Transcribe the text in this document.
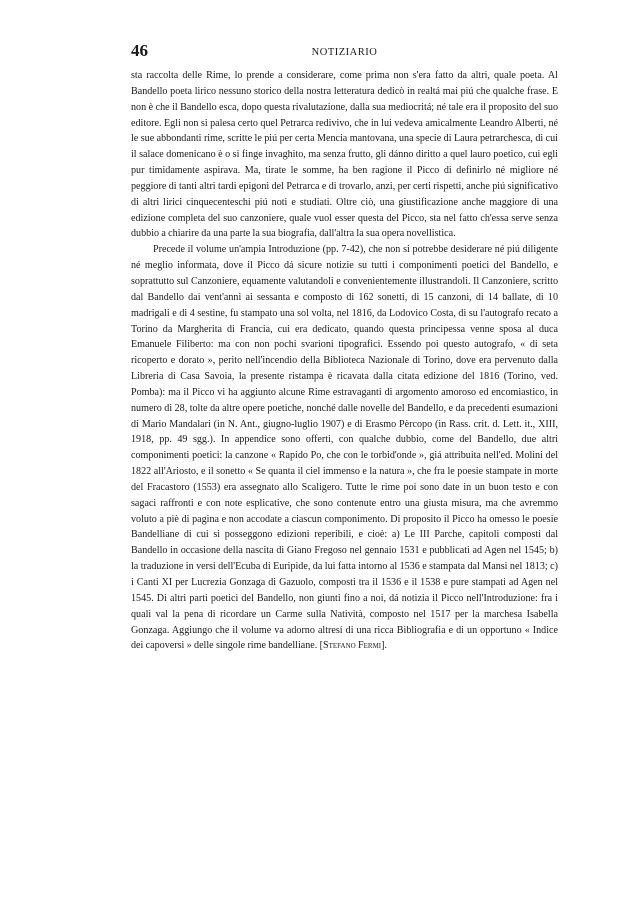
46	NOTIZIARIO

sta raccolta delle Rime, lo prende a considerare, come prima non s'era fatto da altri, quale poeta. Al Bandello poeta lirico nessuno storico della nostra letteratura dedicò in realtá mai piú che qualche frase. E non è che il Bandello esca, dopo questa rivalutazione, dalla sua mediocritá; né tale era il proposito del suo editore. Egli non si palesa certo quel Petrarca redivivo, che in lui vedeva amicalmente Leandro Alberti, né le sue abbondanti rime, scritte le piú per certa Mencia mantovana, una specie di Laura petrarchesca, di cui il salace domenicano è o si finge invaghito, ma senza frutto, gli dánno diritto a quel lauro poetico, cui egli pur timidamente aspirava. Ma, tirate le somme, ha ben ragione il Picco di definirlo né migliore né peggiore di tanti altri tardi epigoni del Petrarca e di trovarlo, anzi, per certi rispetti, anche piú significativo di altri lirici cinquecenteschi piú noti e studiati. Oltre ciò, una giustificazione anche maggiore di una edizione completa del suo canzoniere, quale vuol esser questa del Picco, sta nel fatto ch'essa serve senza dubbio a chiarire da una parte la sua biografia, dall'altra la sua opera novellistica.

Precede il volume un'ampia Introduzione (pp. 7-42), che non si potrebbe desiderare né piú diligente né meglio informata, dove il Picco dá sicure notizie su tutti i componimenti poetici del Bandello, e soprattutto sul Canzoniere, equamente valutandoli e convenientemente illustrandoli. Il Canzoniere, scritto dal Bandello dai vent'anni ai sessanta e composto di 162 sonetti, di 15 canzoni, di 14 ballate, di 10 madrigali e di 4 sestine, fu stampato una sol volta, nel 1816, da Lodovico Costa, di su l'autografo recato a Torino da Margherita di Francia, cui era dedicato, quando questa principessa venne sposa al duca Emanuele Filiberto: ma con non pochi svarioni tipografici. Essendo poi questo autografo, « di seta ricoperto e dorato », perito nell'incendio della Biblioteca Nazionale di Torino, dove era pervenuto dalla Libreria di Casa Savoia, la presente ristampa è ricavata dalla citata edizione del 1816 (Torino, ved. Pomba): ma il Picco vi ha aggiunto alcune Rime estravaganti di argomento amoroso ed encomiastico, in numero di 28, tolte da altre opere poetiche, nonché dalle novelle del Bandello, e da precedenti esumazioni di Mario Mandalari (in N. Ant., giugno-luglio 1907) e di Erasmo Pèrcopo (in Rass. crit. d. Lett. it., XIII, 1918, pp. 49 sgg.). In appendice sono offerti, con qualche dubbio, come del Bandello, due altri componimenti poetici: la canzone « Rapido Po, che con le torbid'onde », giá attribuita nell'ed. Molini del 1822 all'Ariosto, e il sonetto « Se quanta il ciel immenso e la natura », che fra le poesie stampate in morte del Fracastoro (1553) era assegnato allo Scaligero. Tutte le rime poi sono date in un buon testo e con sagaci raffronti e con note esplicative, che sono contenute entro una giusta misura, ma che avremmo voluto a piè di pagina e non accodate a ciascun componimento. Di proposito il Picco ha omesso le poesie Bandelliane di cui si posseggono edizioni reperibili, e cioè: a) Le III Parche, capitoli composti dal Bandello in occasione della nascita di Giano Fregoso nel gennaio 1531 e pubblicati ad Agen nel 1545; b) la traduzione in versi dell'Ecuba di Euripide, da lui fatta intorno al 1536 e stampata dal Mansi nel 1813; c) i Canti XI per Lucrezia Gonzaga di Gazuolo, composti tra il 1536 e il 1538 e pure stampati ad Agen nel 1545. Di altri parti poetici del Bandello, non giunti fino a noi, dá notizia il Picco nell'Introduzione: fra i quali val la pena di ricordare un Carme sulla Natività, composto nel 1517 per la marchesa Isabella Gonzaga. Aggiungo che il volume va adorno altresí di una ricca Bibliografia e di un opportuno « Indice dei capoversi » delle singole rime bandelliane. [Stefano Fermi].
